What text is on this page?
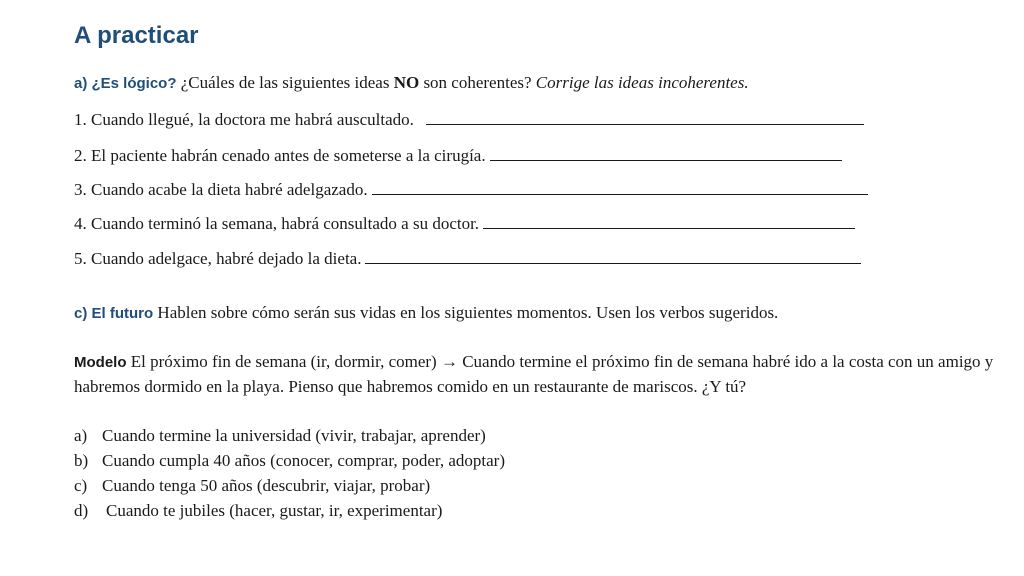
A practicar
a) ¿Es lógico? ¿Cuáles de las siguientes ideas NO son coherentes? Corrige las ideas incoherentes.
1. Cuando llegué, la doctora me habrá auscultado.
2. El paciente habrán cenado antes de someterse a la cirugía.
3. Cuando acabe la dieta habré adelgazado.
4. Cuando terminó la semana, habrá consultado a su doctor.
5. Cuando adelgace, habré dejado la dieta.
c) El futuro Hablen sobre cómo serán sus vidas en los siguientes momentos. Usen los verbos sugeridos.
Modelo El próximo fin de semana (ir, dormir, comer) → Cuando termine el próximo fin de semana habré ido a la costa con un amigo y habremos dormido en la playa. Pienso que habremos comido en un restaurante de mariscos. ¿Y tú?
a) Cuando termine la universidad (vivir, trabajar, aprender)
b) Cuando cumpla 40 años (conocer, comprar, poder, adoptar)
c) Cuando tenga 50 años (descubrir, viajar, probar)
d) Cuando te jubiles (hacer, gustar, ir, experimentar)
